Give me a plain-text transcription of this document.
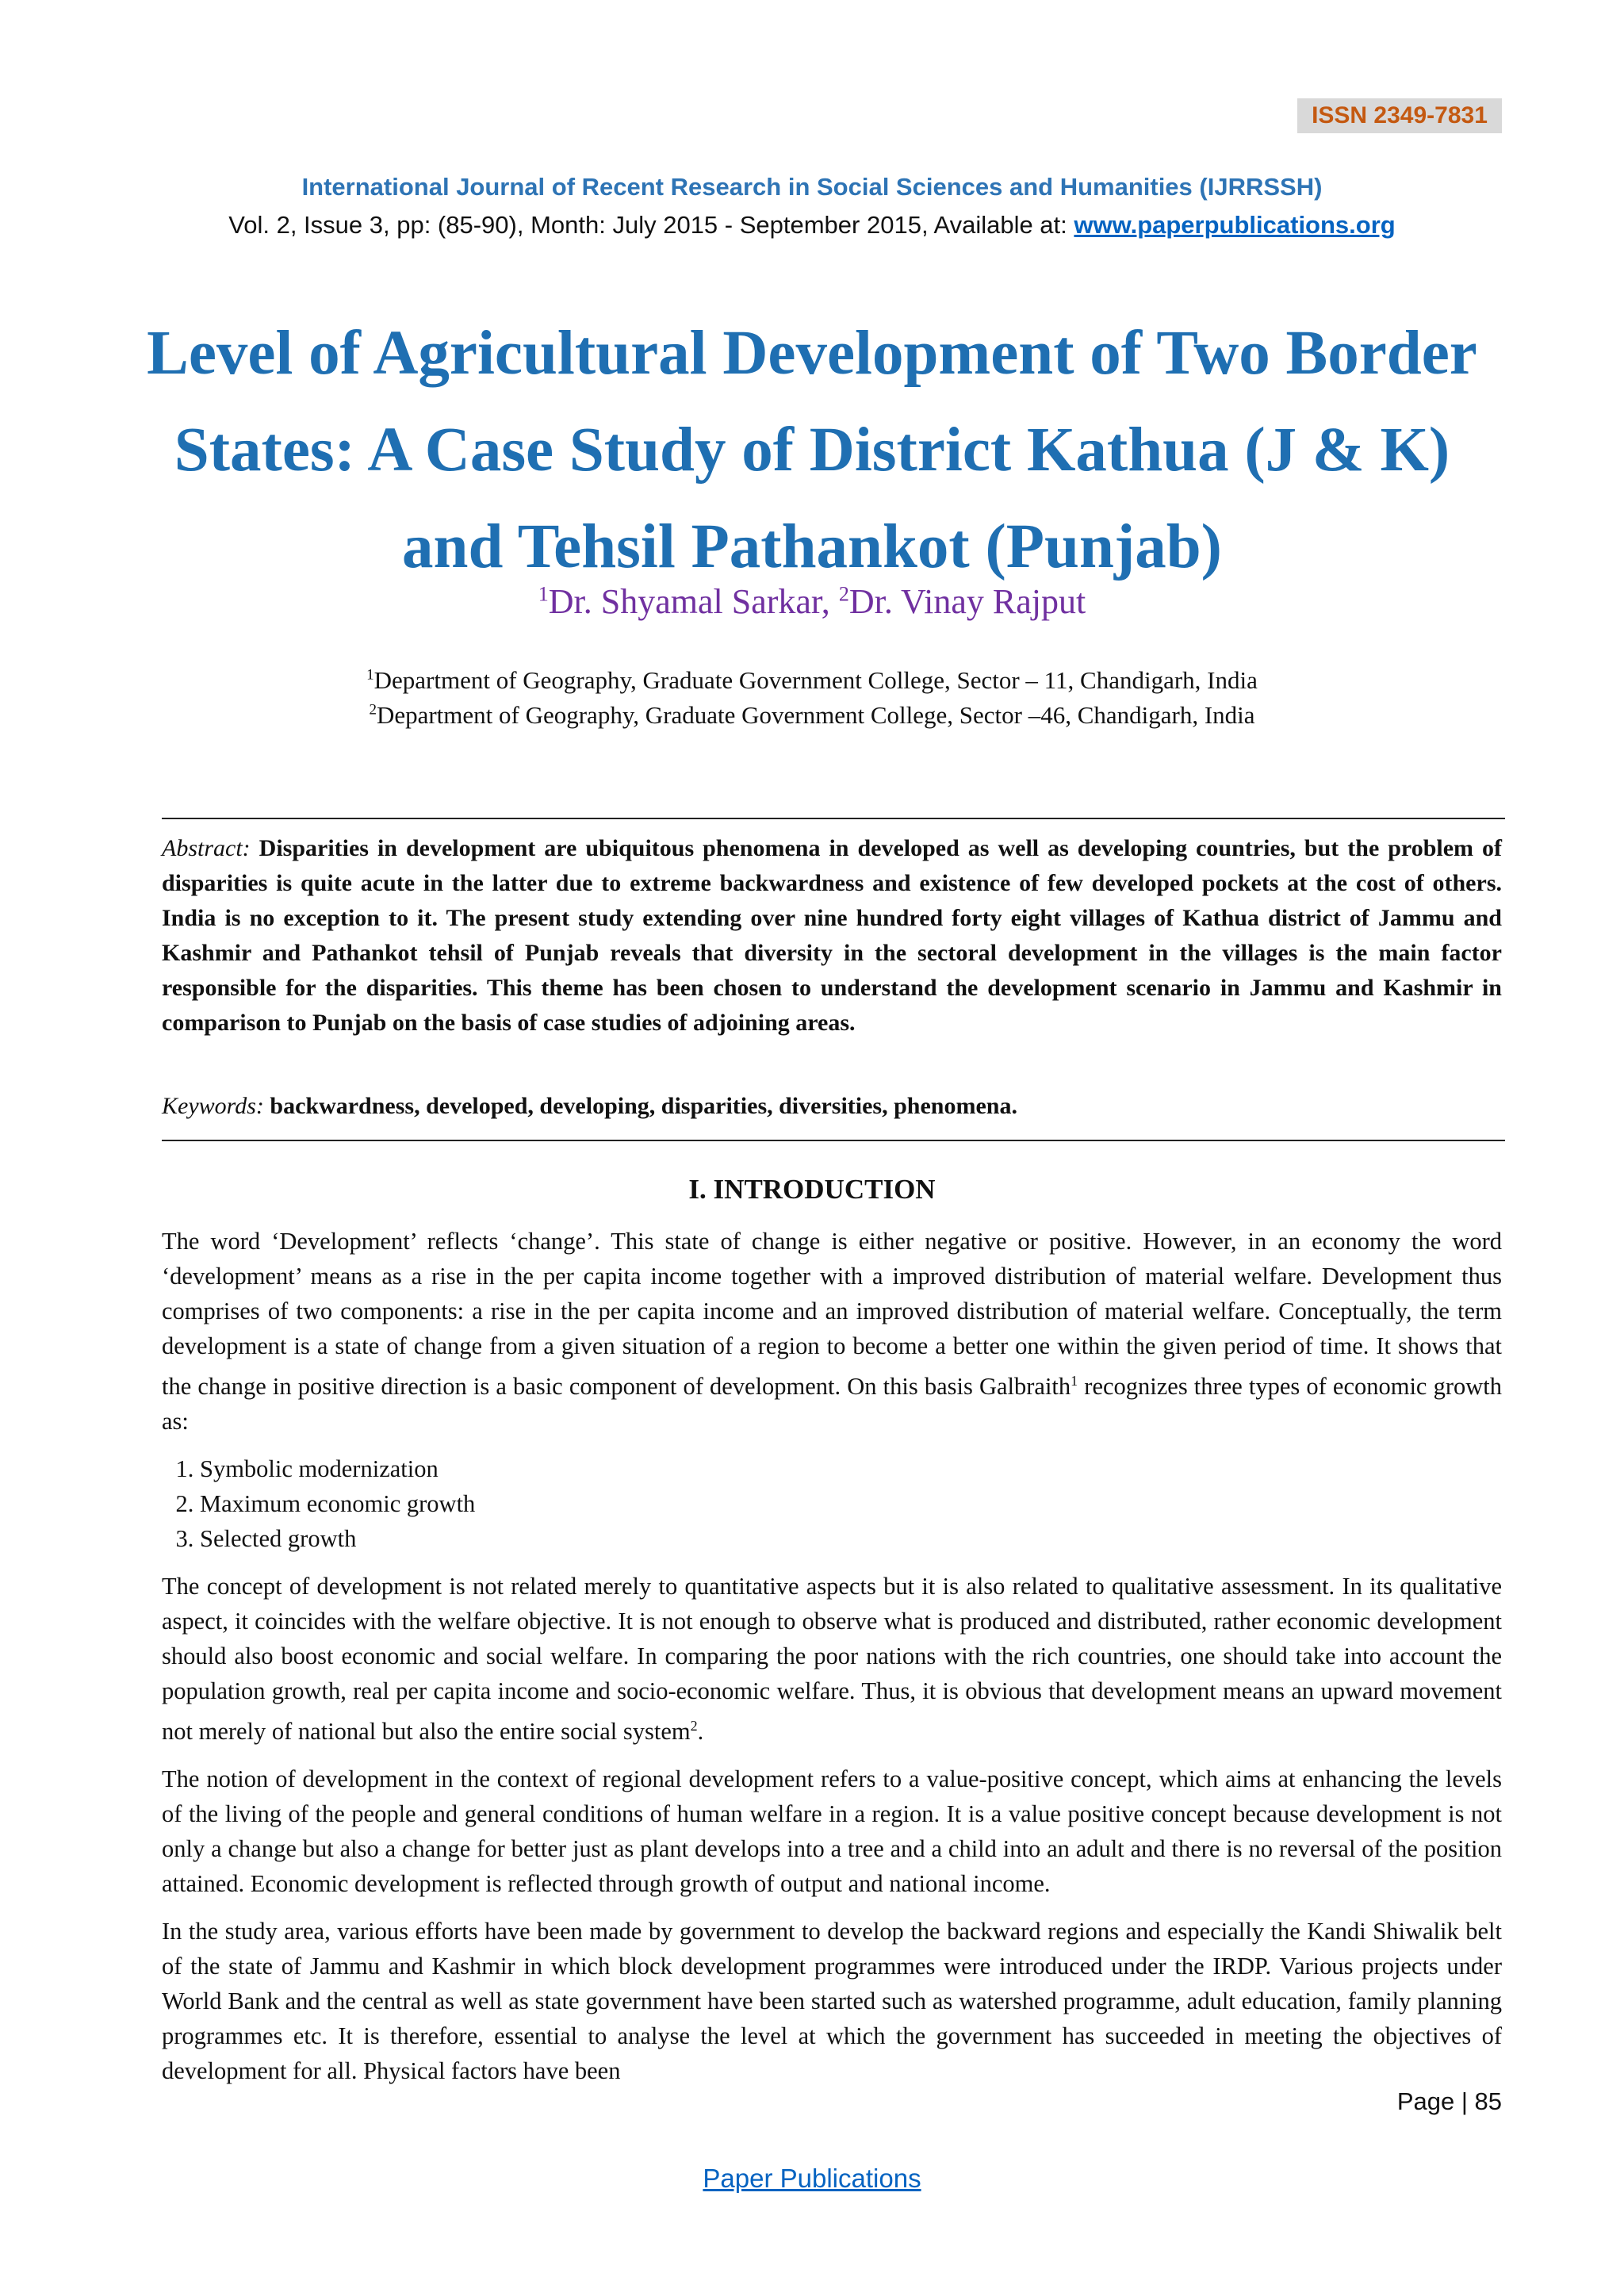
ISSN 2349-7831
International Journal of Recent Research in Social Sciences and Humanities (IJRRSSH)
Vol. 2, Issue 3, pp: (85-90), Month: July 2015 - September 2015, Available at: www.paperpublications.org
Level of Agricultural Development of Two Border States: A Case Study of District Kathua (J & K) and Tehsil Pathankot (Punjab)
$^1$Dr. Shyamal Sarkar, $^2$Dr. Vinay Rajput
$^1$Department of Geography, Graduate Government College, Sector – 11, Chandigarh, India
$^2$Department of Geography, Graduate Government College, Sector –46, Chandigarh, India

Abstract: Disparities in development are ubiquitous phenomena in developed as well as developing countries, but the problem of disparities is quite acute in the latter due to extreme backwardness and existence of few developed pockets at the cost of others. India is no exception to it. The present study extending over nine hundred forty eight villages of Kathua district of Jammu and Kashmir and Pathankot tehsil of Punjab reveals that diversity in the sectoral development in the villages is the main factor responsible for the disparities. This theme has been chosen to understand the development scenario in Jammu and Kashmir in comparison to Punjab on the basis of case studies of adjoining areas.

Keywords: backwardness, developed, developing, disparities, diversities, phenomena.
I. INTRODUCTION

The word ‘Development’ reflects ‘change’. This state of change is either negative or positive. However, in an economy the word ‘development’ means as a rise in the per capita income together with a improved distribution of material welfare. Development thus comprises of two components: a rise in the per capita income and an improved distribution of material welfare. Conceptually, the term development is a state of change from a given situation of a region to become a better one within the given period of time. It shows that the change in positive direction is a basic component of development. On this basis Galbraith$^1$ recognizes three types of economic growth as:

1. Symbolic modernization
2. Maximum economic growth
3. Selected growth

The concept of development is not related merely to quantitative aspects but it is also related to qualitative assessment. In its qualitative aspect, it coincides with the welfare objective. It is not enough to observe what is produced and distributed, rather economic development should also boost economic and social welfare. In comparing the poor nations with the rich countries, one should take into account the population growth, real per capita income and socio-economic welfare. Thus, it is obvious that development means an upward movement not merely of national but also the entire social system$^2$.

The notion of development in the context of regional development refers to a value-positive concept, which aims at enhancing the levels of the living of the people and general conditions of human welfare in a region. It is a value positive concept because development is not only a change but also a change for better just as plant develops into a tree and a child into an adult and there is no reversal of the position attained. Economic development is reflected through growth of output and national income.

In the study area, various efforts have been made by government to develop the backward regions and especially the Kandi Shiwalik belt of the state of Jammu and Kashmir in which block development programmes were introduced under the IRDP. Various projects under World Bank and the central as well as state government have been started such as watershed programme, adult education, family planning programmes etc. It is therefore, essential to analyse the level at which the government has succeeded in meeting the objectives of development for all. Physical factors have been

Page | 85
Paper Publications
